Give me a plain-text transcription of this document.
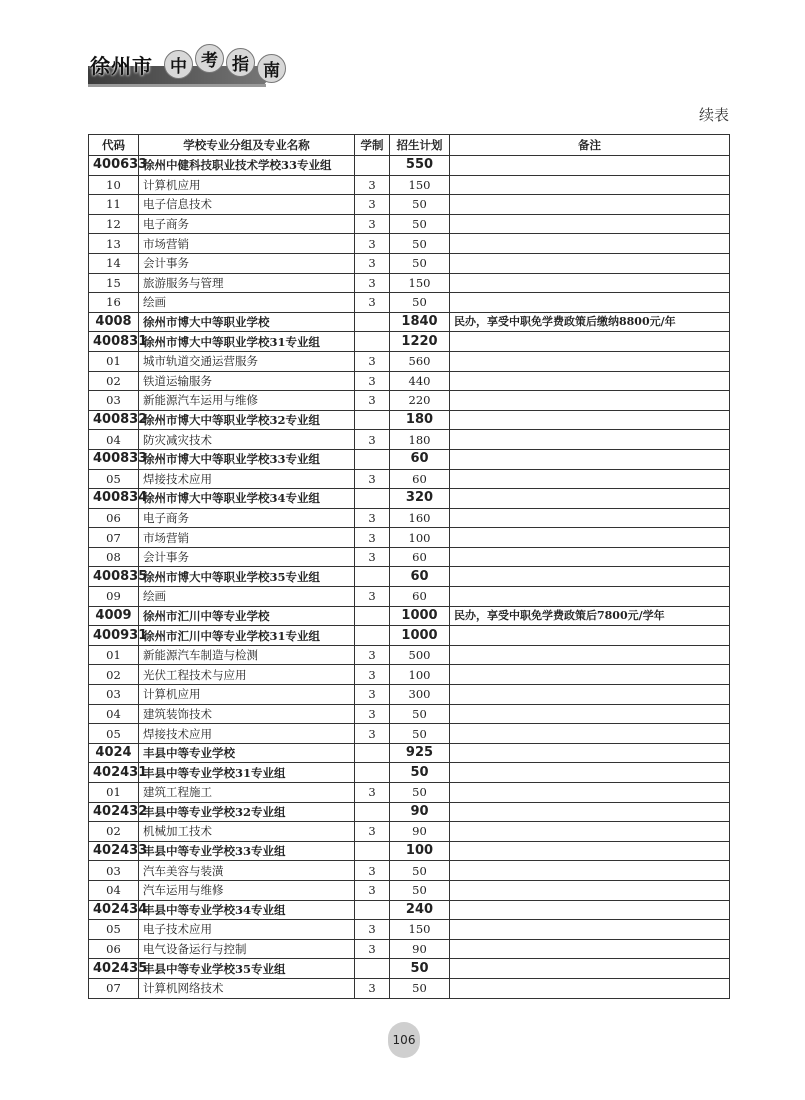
徐州市	中 考 指 南
续表
代码	学校专业分组及专业名称	学制	招生计划	备注
400633	徐州中健科技职业技术学校33专业组		550	
10	计算机应用	3	150	
11	电子信息技术	3	50	
12	电子商务	3	50	
13	市场营销	3	50	
14	会计事务	3	50	
15	旅游服务与管理	3	150	
16	绘画	3	50	
4008	徐州市博大中等职业学校		1840	民办，享受中职免学费政策后缴纳8800元/年
400831	徐州市博大中等职业学校31专业组		1220	
01	城市轨道交通运营服务	3	560	
02	铁道运输服务	3	440	
03	新能源汽车运用与维修	3	220	
400832	徐州市博大中等职业学校32专业组		180	
04	防灾减灾技术	3	180	
400833	徐州市博大中等职业学校33专业组		60	
05	焊接技术应用	3	60	
400834	徐州市博大中等职业学校34专业组		320	
06	电子商务	3	160	
07	市场营销	3	100	
08	会计事务	3	60	
400835	徐州市博大中等职业学校35专业组		60	
09	绘画	3	60	
4009	徐州市汇川中等专业学校		1000	民办，享受中职免学费政策后7800元/学年
400931	徐州市汇川中等专业学校31专业组		1000	
01	新能源汽车制造与检测	3	500	
02	光伏工程技术与应用	3	100	
03	计算机应用	3	300	
04	建筑装饰技术	3	50	
05	焊接技术应用	3	50	
4024	丰县中等专业学校		925	
402431	丰县中等专业学校31专业组		50	
01	建筑工程施工	3	50	
402432	丰县中等专业学校32专业组		90	
02	机械加工技术	3	90	
402433	丰县中等专业学校33专业组		100	
03	汽车美容与装潢	3	50	
04	汽车运用与维修	3	50	
402434	丰县中等专业学校34专业组		240	
05	电子技术应用	3	150	
06	电气设备运行与控制	3	90	
402435	丰县中等专业学校35专业组		50	
07	计算机网络技术	3	50	
106
